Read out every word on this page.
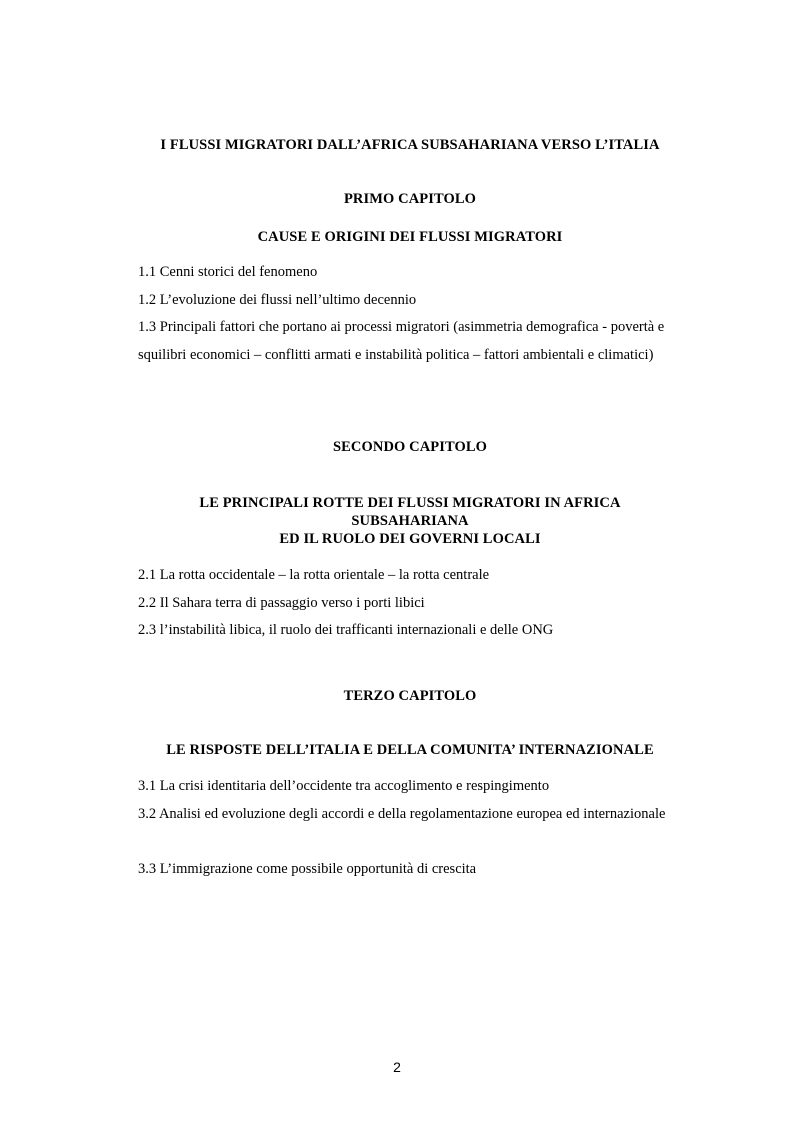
I FLUSSI MIGRATORI DALL’AFRICA SUBSAHARIANA VERSO L’ITALIA
PRIMO CAPITOLO
CAUSE E ORIGINI DEI FLUSSI MIGRATORI
1.1 Cenni storici del fenomeno
1.2 L’evoluzione dei flussi nell’ultimo decennio
1.3 Principali fattori che portano ai processi migratori (asimmetria demografica - povertà e squilibri economici – conflitti armati e instabilità politica – fattori ambientali e climatici)
SECONDO CAPITOLO
LE PRINCIPALI ROTTE DEI FLUSSI MIGRATORI IN AFRICA
SUBSAHARIANA
ED IL RUOLO DEI GOVERNI LOCALI
2.1 La rotta occidentale – la rotta orientale – la rotta centrale
2.2 Il Sahara terra di passaggio verso i porti libici
2.3 l’instabilità libica, il ruolo dei trafficanti internazionali e delle ONG
TERZO CAPITOLO
LE RISPOSTE DELL’ITALIA E DELLA COMUNITA’ INTERNAZIONALE
3.1 La crisi identitaria dell’occidente tra accoglimento e respingimento
3.2 Analisi ed evoluzione degli accordi e della regolamentazione europea ed internazionale
3.3 L’immigrazione come possibile opportunità di crescita
2
